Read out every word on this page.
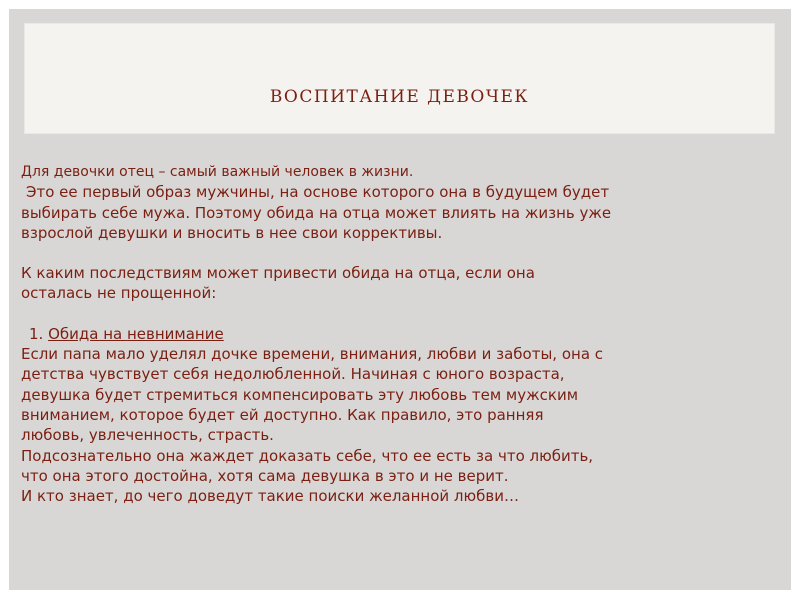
ВОСПИТАНИЕ ДЕВОЧЕК
Для девочки отец – самый важный человек в жизни.
Это ее первый образ мужчины, на основе которого она в будущем будет
выбирать себе мужа. Поэтому обида на отца может влиять на жизнь уже
взрослой девушки и вносить в нее свои коррективы.
К каким последствиям может привести обида на отца, если она
осталась не прощенной:
1. Обида на невнимание
Если папа мало уделял дочке времени, внимания, любви и заботы, она с
детства чувствует себя недолюбленной. Начиная с юного возраста,
девушка будет стремиться компенсировать эту любовь тем мужским
вниманием, которое будет ей доступно. Как правило, это ранняя
любовь, увлеченность, страсть.
Подсознательно она жаждет доказать себе, что ее есть за что любить,
что она этого достойна, хотя сама девушка в это и не верит.
И кто знает, до чего доведут такие поиски желанной любви…
